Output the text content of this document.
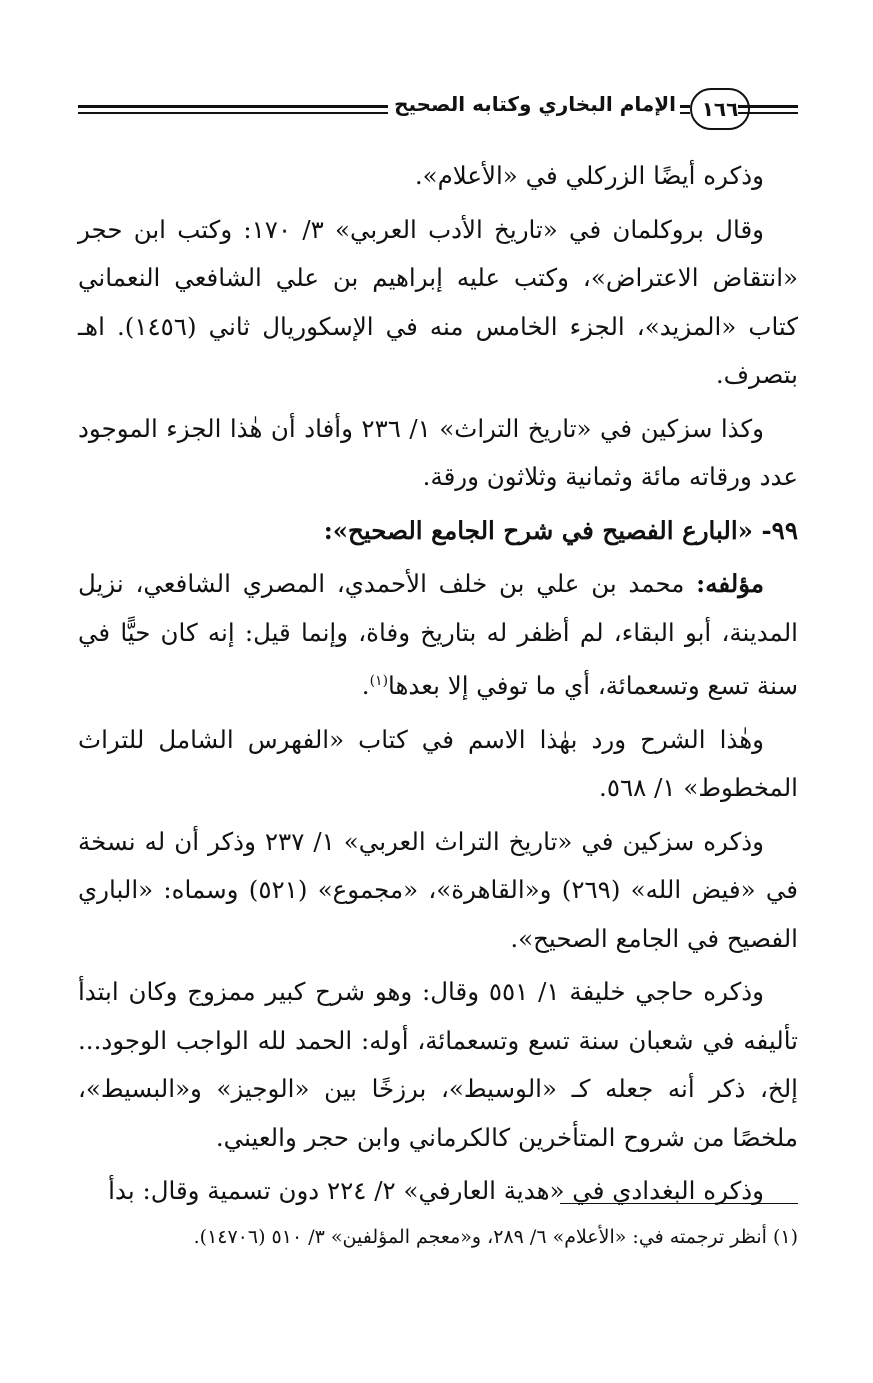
الإمام البخاري وكتابه الصحيح	١٦٦

وذكره أيضًا الزركلي في «الأعلام».

وقال بروكلمان في «تاريخ الأدب العربي» ٣/ ١٧٠: وكتب ابن حجر «انتقاض الاعتراض»، وكتب عليه إبراهيم بن علي الشافعي النعماني كتاب «المزيد»، الجزء الخامس منه في الإسكوريال ثاني (١٤٥٦). اهـ بتصرف.

وكذا سزكين في «تاريخ التراث» ١/ ٢٣٦ وأفاد أن هٰذا الجزء الموجود عدد ورقاته مائة وثمانية وثلاثون ورقة.

٩٩- «البارع الفصيح في شرح الجامع الصحيح»:

مؤلفه: محمد بن علي بن خلف الأحمدي، المصري الشافعي، نزيل المدينة، أبو البقاء، لم أظفر له بتاريخ وفاة، وإنما قيل: إنه كان حيًّا في سنة تسع وتسعمائة، أي ما توفي إلا بعدها$^{(١)}$.

وهٰذا الشرح ورد بهٰذا الاسم في كتاب «الفهرس الشامل للتراث المخطوط» ١/ ٥٦٨.

وذكره سزكين في «تاريخ التراث العربي» ١/ ٢٣٧ وذكر أن له نسخة في «فيض الله» (٢٦٩) و«القاهرة»، «مجموع» (٥٢١) وسماه: «الباري الفصيح في الجامع الصحيح».

وذكره حاجي خليفة ١/ ٥٥١ وقال: وهو شرح كبير ممزوج وكان ابتدأ تأليفه في شعبان سنة تسع وتسعمائة، أوله: الحمد لله الواجب الوجود... إلخ، ذكر أنه جعله كـ «الوسيط»، برزخًا بين «الوجيز» و«البسيط»، ملخصًا من شروح المتأخرين كالكرماني وابن حجر والعيني.

وذكره البغدادي في «هدية العارفي» ٢/ ٢٢٤ دون تسمية وقال: بدأ

(١) أنظر ترجمته في: «الأعلام» ٦/ ٢٨٩، و«معجم المؤلفين» ٣/ ٥١٠ (١٤٧٠٦).
